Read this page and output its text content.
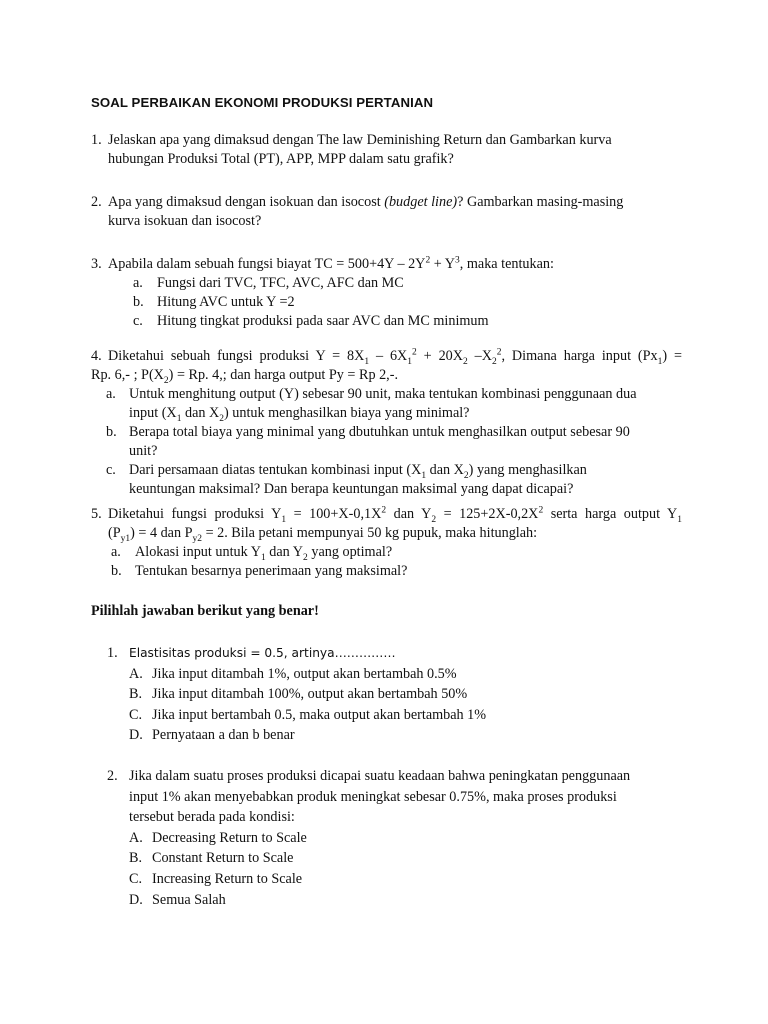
SOAL PERBAIKAN EKONOMI PRODUKSI PERTANIAN
1. Jelaskan apa yang dimaksud dengan The law Deminishing Return dan Gambarkan kurva
hubungan Produksi Total (PT), APP, MPP dalam satu grafik?
2. Apa yang dimaksud dengan isokuan dan isocost (budget line)? Gambarkan masing-masing
kurva isokuan dan isocost?
3. Apabila dalam sebuah fungsi biayat TC = $500+4Y - 2Y^2 + Y^3$, maka tentukan:
a. Fungsi dari TVC, TFC, AVC, AFC dan MC
b. Hitung AVC untuk Y =2
c. Hitung tingkat produksi pada saar AVC dan MC minimum
4. Diketahui sebuah fungsi produksi $Y = 8X_1 - 6X_1^2 + 20X_2$ $-X_2^2$, Dimana harga input $(Px_1)$ =
Rp. 6,- ; $P(X_2) = Rp$. 4,; dan harga output Py = Rp 2,-.
a. Untuk menghitung output (Y) sebesar 90 unit, maka tentukan kombinasi penggunaan dua
input ($X_1$ dan $X_2$) untuk menghasilkan biaya yang minimal?
b. Berapa total biaya yang minimal yang dbutuhkan untuk menghasilkan output sebesar 90
unit?
c. Dari persamaan diatas tentukan kombinasi input ($X_1$ dan $X_2$) yang menghasilkan
keuntungan maksimal? Dan berapa keuntungan maksimal yang dapat dicapai?
5. Diketahui fungsi produksi $Y_1 = 100+X-0,1X^2$ dan $Y_2 = 125+2X-0,2X^2$ serta harga output $Y_1$
$(P_{y1}) = 4$ dan $P_{y2} = 2$. Bila petani mempunyai 50 kg pupuk, maka hitunglah:
a. Alokasi input untuk $Y_1$ dan $Y_2$ yang optimal?
b. Tentukan besarnya penerimaan yang maksimal?
Pilihlah jawaban berikut yang benar!
1. Elastisitas produksi = 0.5, artinya……………
A. Jika input ditambah 1%, output akan bertambah 0.5%
B. Jika input ditambah 100%, output akan bertambah 50%
C. Jika input bertambah 0.5, maka output akan bertambah 1%
D. Pernyataan a dan b benar
2. Jika dalam suatu proses produksi dicapai suatu keadaan bahwa peningkatan penggunaan
input 1% akan menyebabkan produk meningkat sebesar 0.75%, maka proses produksi
tersebut berada pada kondisi:
A. Decreasing Return to Scale
B. Constant Return to Scale
C. Increasing Return to Scale
D. Semua Salah
